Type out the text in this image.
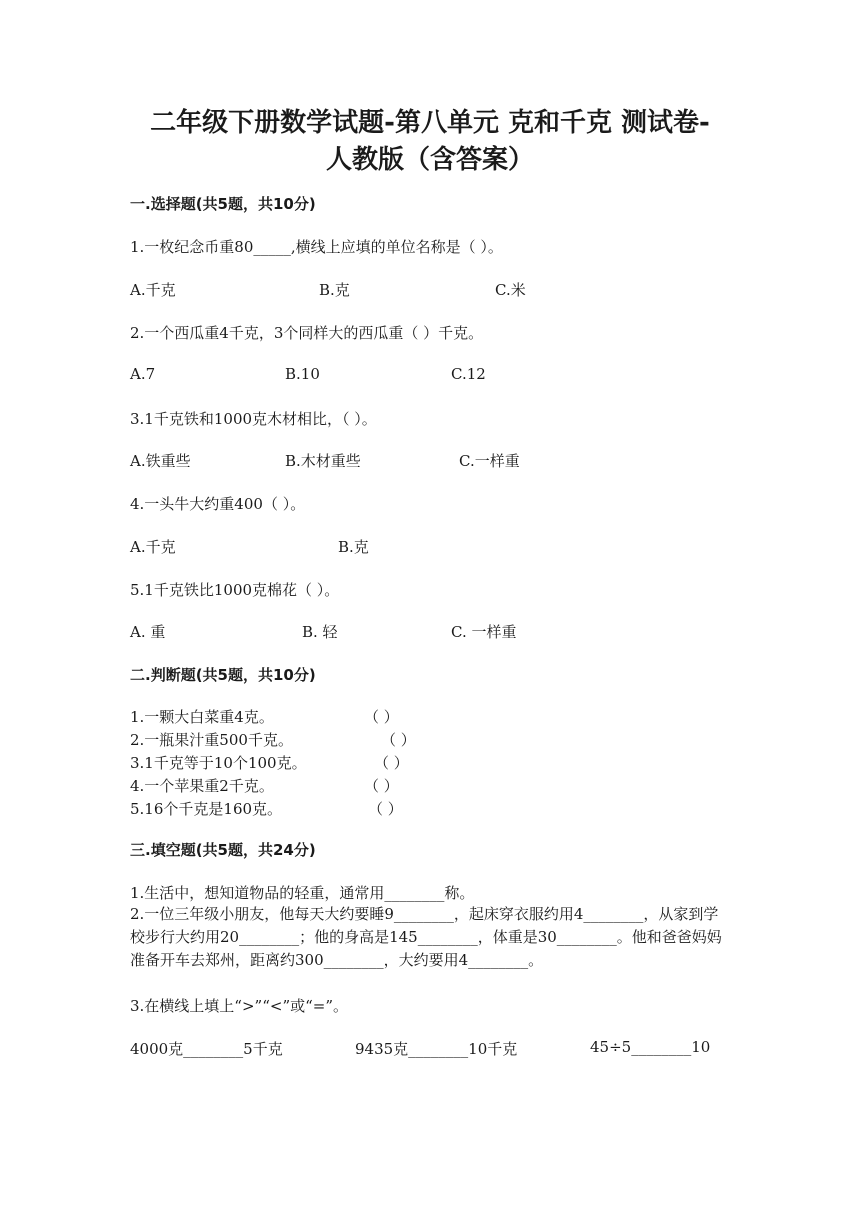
二年级下册数学试题-第八单元 克和千克 测试卷-
人教版（含答案）
一.选择题(共5题，共10分)
1.一枚纪念币重80_____,横线上应填的单位名称是（ ）。
A.千克	B.克	C.米
2.一个西瓜重4千克，3个同样大的西瓜重（ ）千克。
A.7	B.10	C.12
3.1千克铁和1000克木材相比，（ ）。
A.铁重些	B.木材重些	C.一样重
4.一头牛大约重400（ ）。
A.千克	B.克
5.1千克铁比1000克棉花（ ）。
A. 重	B. 轻	C. 一样重
二.判断题(共5题，共10分)
1.一颗大白菜重4克。	（ ）
2.一瓶果汁重500千克。	（ ）
3.1千克等于10个100克。	（ ）
4.一个苹果重2千克。	（ ）
5.16个千克是160克。	（ ）
三.填空题(共5题，共24分)
1.生活中，想知道物品的轻重，通常用________称。
2.一位三年级小朋友，他每天大约要睡9________，起床穿衣服约用4________，从家到学校步行大约用20________；他的身高是145________，体重是30________。他和爸爸妈妈准备开车去郑州，距离约300________，大约要用4________。
3.在横线上填上“>”“<”或“=”。
4000克________5千克	9435克________10千克	45÷5________10
